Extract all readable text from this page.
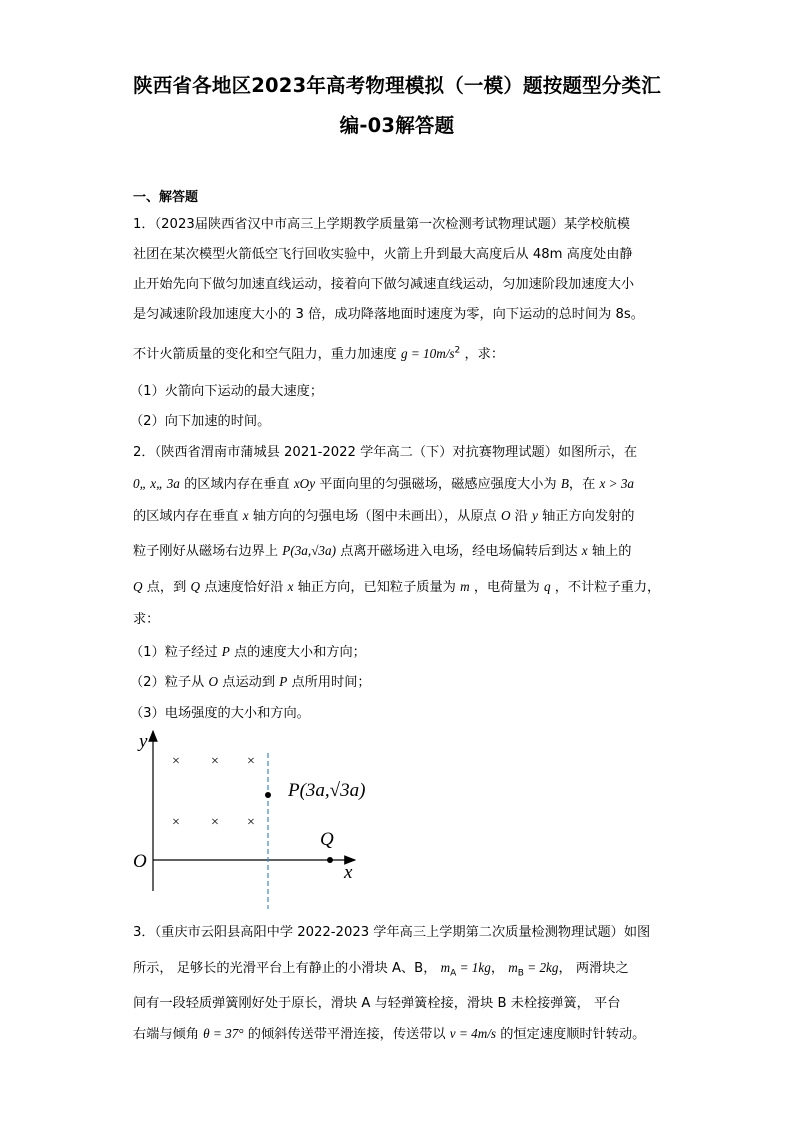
陕西省各地区2023年高考物理模拟（一模）题按题型分类汇
编-03解答题
一、解答题
1．（2023届陕西省汉中市高三上学期教学质量第一次检测考试物理试题）某学校航模
社团在某次模型火箭低空飞行回收实验中，火箭上升到最大高度后从 48m 高度处由静
止开始先向下做匀加速直线运动，接着向下做匀减速直线运动，匀加速阶段加速度大小
是匀减速阶段加速度大小的 3 倍，成功降落地面时速度为零，向下运动的总时间为 8s。
不计火箭质量的变化和空气阻力，重力加速度 $g = 10m/s^2$ ，求：
（1）火箭向下运动的最大速度；
（2）向下加速的时间。
2．（陕西省渭南市蒲城县 2021-2022 学年高二（下）对抗赛物理试题）如图所示，在
0„ x„ 3a 的区域内存在垂直 xOy 平面向里的匀强磁场，磁感应强度大小为 B，在 x > 3a
的区域内存在垂直 x 轴方向的匀强电场（图中未画出），从原点 O 沿 y 轴正方向发射的
粒子刚好从磁场右边界上 P(3a,√3a) 点离开磁场进入电场，经电场偏转后到达 x 轴上的
Q 点，到 Q 点速度恰好沿 x 轴正方向，已知粒子质量为 m ，电荷量为 q ，不计粒子重力，
求：
（1）粒子经过 P 点的速度大小和方向；
（2）粒子从 O 点运动到 P 点所用时间；
（3）电场强度的大小和方向。
× × ×
× × ×
y
x
O
P(3a,√3a)
Q
3．（重庆市云阳县高阳中学 2022-2023 学年高三上学期第二次质量检测物理试题）如图
所示， 足够长的光滑平台上有静止的小滑块 A、B， $m_A = 1kg$， $m_B = 2kg$， 两滑块之
间有一段轻质弹簧刚好处于原长，滑块 A 与轻弹簧栓接，滑块 B 未栓接弹簧， 平台
右端与倾角 θ = 37° 的倾斜传送带平滑连接，传送带以 v = 4m/s 的恒定速度顺时针转动。
